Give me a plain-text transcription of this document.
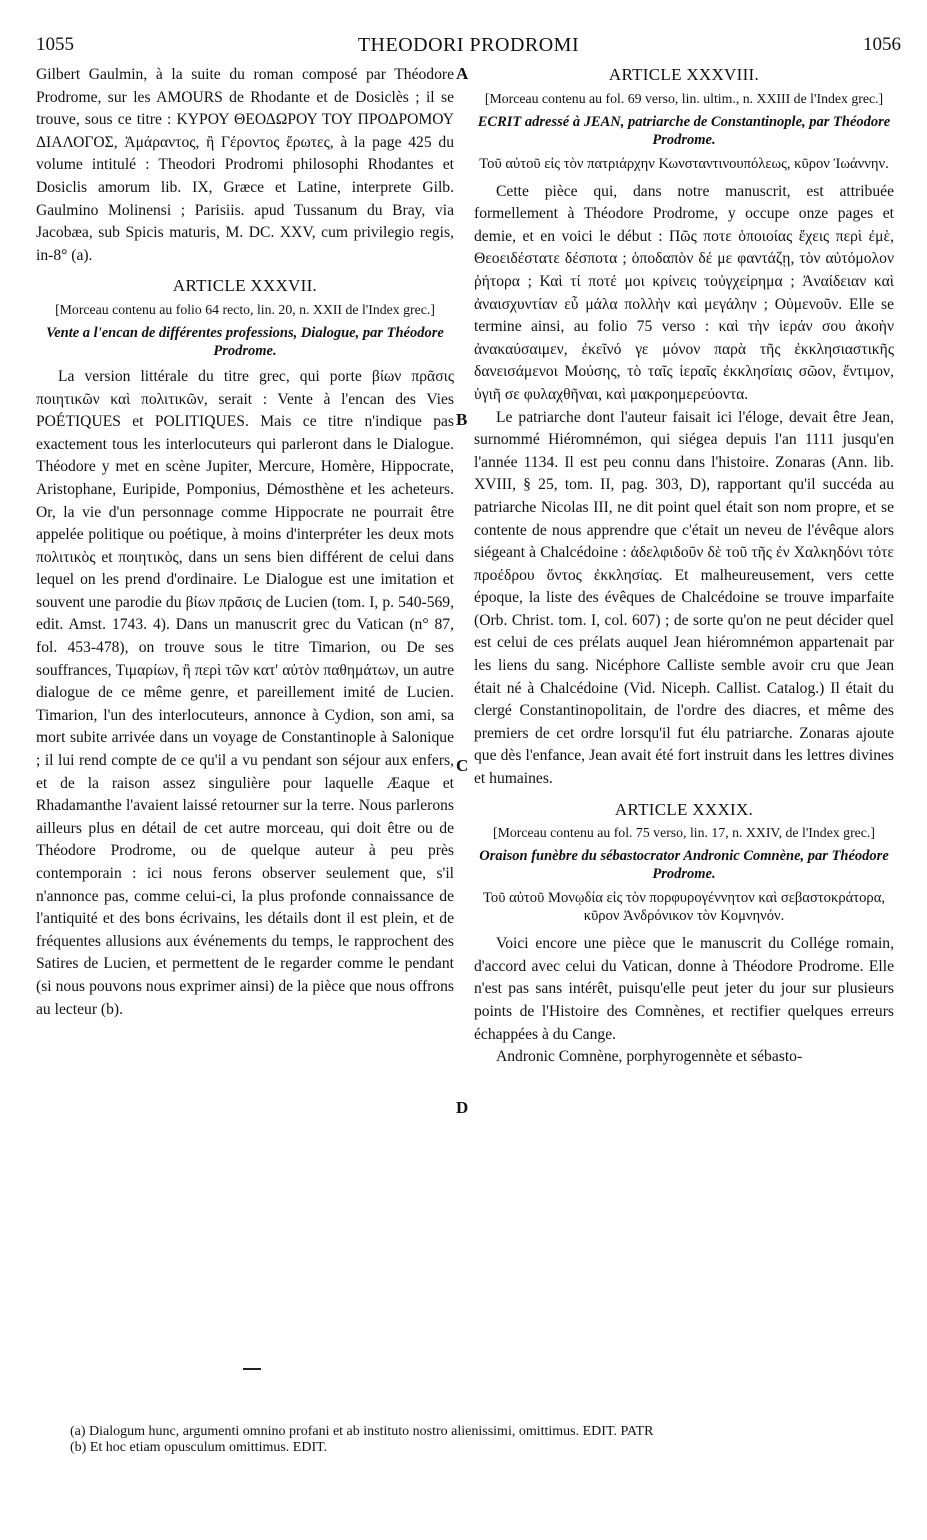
1055	THEODORI PRODROMI	1056
A
B
C
D

Gilbert Gaulmin, à la suite du roman composé par Théodore Prodrome, sur les AMOURS de Rhodante et de Dosiclès ; il se trouve, sous ce titre : ΚΥΡΟΥ ΘΕΟΔΩΡΟΥ ΤΟΥ ΠΡΟΔΡΟΜΟΥ ΔΙΑΛΟΓΟΣ, Ἀμάραντος, ἢ Γέροντος ἔρωτες, à la page 425 du volume intitulé : Theodori Prodromi philosophi Rhodantes et Dosiclis amorum lib. IX, Græce et Latine, interprete Gilb. Gaulmino Molinensi ; Parisiis. apud Tussanum du Bray, via Jacobæa, sub Spicis maturis, M. DC. XXV, cum privilegio regis, in-8° (a).

ARTICLE XXXVII.
[Morceau contenu au folio 64 recto, lin. 20, n. XXII de l'Index grec.]
Vente a l'encan de différentes professions, Dialogue, par Théodore Prodrome.

La version littérale du titre grec, qui porte βίων πρᾶσις ποιητικῶν καὶ πολιτικῶν, serait : Vente à l'encan des Vies POÉTIQUES et POLITIQUES. Mais ce titre n'indique pas exactement tous les interlocuteurs qui parleront dans le Dialogue. Théodore y met en scène Jupiter, Mercure, Homère, Hippocrate, Aristophane, Euripide, Pomponius, Démosthène et les acheteurs. Or, la vie d'un personnage comme Hippocrate ne pourrait être appelée politique ou poétique, à moins d'interpréter les deux mots πολιτικὸς et ποιητικὸς, dans un sens bien différent de celui dans lequel on les prend d'ordinaire. Le Dialogue est une imitation et souvent une parodie du βίων πρᾶσις de Lucien (tom. I, p. 540-569, edit. Amst. 1743. 4). Dans un manuscrit grec du Vatican (n° 87, fol. 453-478), on trouve sous le titre Timarion, ou De ses souffrances, Τιμαρίων, ἢ περὶ τῶν κατ' αὐτὸν παθημάτων, un autre dialogue de ce même genre, et pareillement imité de Lucien. Timarion, l'un des interlocuteurs, annonce à Cydion, son ami, sa mort subite arrivée dans un voyage de Constantinople à Salonique ; il lui rend compte de ce qu'il a vu pendant son séjour aux enfers, et de la raison assez singulière pour laquelle Æaque et Rhadamanthe l'avaient laissé retourner sur la terre. Nous parlerons ailleurs plus en détail de cet autre morceau, qui doit être ou de Théodore Prodrome, ou de quelque auteur à peu près contemporain : ici nous ferons observer seulement que, s'il n'annonce pas, comme celui-ci, la plus profonde connaissance de l'antiquité et des bons écrivains, les détails dont il est plein, et de fréquentes allusions aux événements du temps, le rapprochent des Satires de Lucien, et permettent de le regarder comme le pendant (si nous pouvons nous exprimer ainsi) de la pièce que nous offrons au lecteur (b).

ARTICLE XXXVIII.
[Morceau contenu au fol. 69 verso, lin. ultim., n. XXIII de l'Index grec.]
ECRIT adressé à JEAN, patriarche de Constantinople, par Théodore Prodrome.
Τοῦ αὐτοῦ εἰς τὸν πατριάρχην Κωνσταντινουπόλεως, κῦρον Ἰωάννην.

Cette pièce qui, dans notre manuscrit, est attribuée formellement à Théodore Prodrome, y occupe onze pages et demie, et en voici le début : Πῶς ποτε ὁποιοίας ἔχεις περὶ ἐμὲ, Θεοειδέστατε δέσποτα ; ὁποδαπὸν δέ με φαντάζῃ, τὸν αὐτόμολον ῥήτορα ; Καὶ τί ποτέ μοι κρίνεις τοὐγχείρημα ; Ἀναίδειαν καὶ ἀναισχυντίαν εὖ μάλα πολλὴν καὶ μεγάλην ; Οὐμενοῦν. Elle se termine ainsi, au folio 75 verso : καὶ τὴν ἱεράν σου ἀκοὴν ἀνακαύσαιμεν, ἐκεῖνό γε μόνον παρὰ τῆς ἐκκλησιαστικῆς δανεισάμενοι Μούσης, τὸ ταῖς ἱεραῖς ἐκκλησίαις σῶον, ἔντιμον, ὑγιῆ σε φυλαχθῆναι, καὶ μακροημερεύοντα.

Le patriarche dont l'auteur faisait ici l'éloge, devait être Jean, surnommé Hiéromnémon, qui siégea depuis l'an 1111 jusqu'en l'année 1134. Il est peu connu dans l'histoire. Zonaras (Ann. lib. XVIII, § 25, tom. II, pag. 303, D), rapportant qu'il succéda au patriarche Nicolas III, ne dit point quel était son nom propre, et se contente de nous apprendre que c'était un neveu de l'évêque alors siégeant à Chalcédoine : ἀδελφιδοῦν δὲ τοῦ τῆς ἐν Χαλκηδόνι τότε προέδρου ὄντος ἐκκλησίας. Et malheureusement, vers cette époque, la liste des évêques de Chalcédoine se trouve imparfaite (Orb. Christ. tom. I, col. 607) ; de sorte qu'on ne peut décider quel est celui de ces prélats auquel Jean hiéromnémon appartenait par les liens du sang. Nicéphore Calliste semble avoir cru que Jean était né à Chalcédoine (Vid. Niceph. Callist. Catalog.) Il était du clergé Constantinopolitain, de l'ordre des diacres, et même des premiers de cet ordre lorsqu'il fut élu patriarche. Zonaras ajoute que dès l'enfance, Jean avait été fort instruit dans les lettres divines et humaines.

ARTICLE XXXIX.
[Morceau contenu au fol. 75 verso, lin. 17, n. XXIV, de l'Index grec.]
Oraison funèbre du sébastocrator Andronic Comnène, par Théodore Prodrome.
Τοῦ αὐτοῦ Μονῳδία εἰς τὸν πορφυρογέννητον καὶ σεβαστοκράτορα, κῦρον Ἀνδρόνικον τὸν Κομνηνόν.

Voici encore une pièce que le manuscrit du Collége romain, d'accord avec celui du Vatican, donne à Théodore Prodrome. Elle n'est pas sans intérêt, puisqu'elle peut jeter du jour sur plusieurs points de l'Histoire des Comnènes, et rectifier quelques erreurs échappées à du Cange.

Andronic Comnène, porphyrogennète et sébasto-

(a) Dialogum hunc, argumenti omnino profani et ab instituto nostro alienissimi, omittimus. EDIT. PATR

(b) Et hoc etiam opusculum omittimus. EDIT.
